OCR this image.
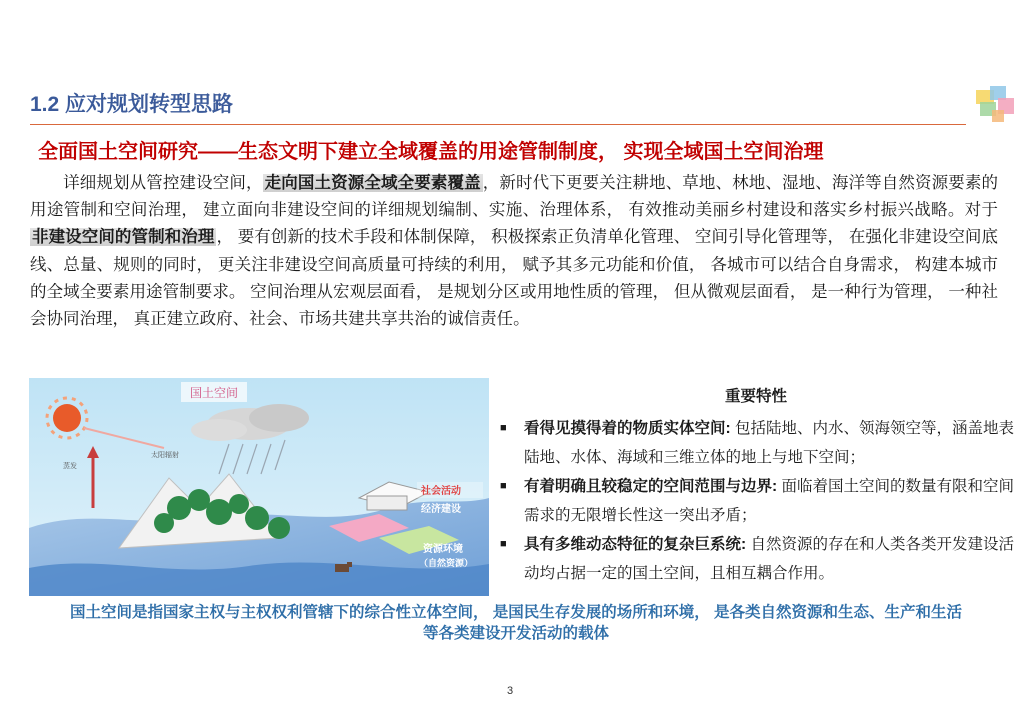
1.2 应对规划转型思路
全面国土空间研究——生态文明下建立全域覆盖的用途管制制度， 实现全域国土空间治理
详细规划从管控建设空间， 走向国土资源全域全要素覆盖 ，新时代下更要关注耕地、草地、林地、湿地、海洋等自然资源要素的用途管制和空间治理， 建立面向非建设空间的详细规划编制、实施、治理体系， 有效推动美丽乡村建设和落实乡村振兴战略。对于非建设空间的管制和治理 ， 要有创新的技术手段和体制保障， 积极探索正负清单化管理、 空间引导化管理等， 在强化非建设空间底线、总量、规则的同时， 更关注非建设空间高质量可持续的利用， 赋予其多元功能和价值， 各城市可以结合自身需求， 构建本城市的全域全要素用途管制要求。 空间治理从宏观层面看， 是规划分区或用地性质的管理， 但从微观层面看， 是一种行为管理， 一种社会协同治理， 真正建立政府、社会、市场共建共享共治的诚信责任。
国土空间
太阳辐射
蒸发
社会活动
经济建设
资源环境
（自然资源）
重要特性
■	看得见摸得着的物质实体空间: 包括陆地、内水、领海领空等，涵盖地表陆地、水体、海域和三维立体的地上与地下空间；
■	有着明确且较稳定的空间范围与边界: 面临着国土空间的数量有限和空间需求的无限增长性这一突出矛盾；
■	具有多维动态特征的复杂巨系统: 自然资源的存在和人类各类开发建设活动均占据一定的国土空间，且相互耦合作用。
国土空间是指国家主权与主权权利管辖下的综合性立体空间， 是国民生存发展的场所和环境， 是各类自然资源和生态、生产和生活
等各类建设开发活动的载体
3
